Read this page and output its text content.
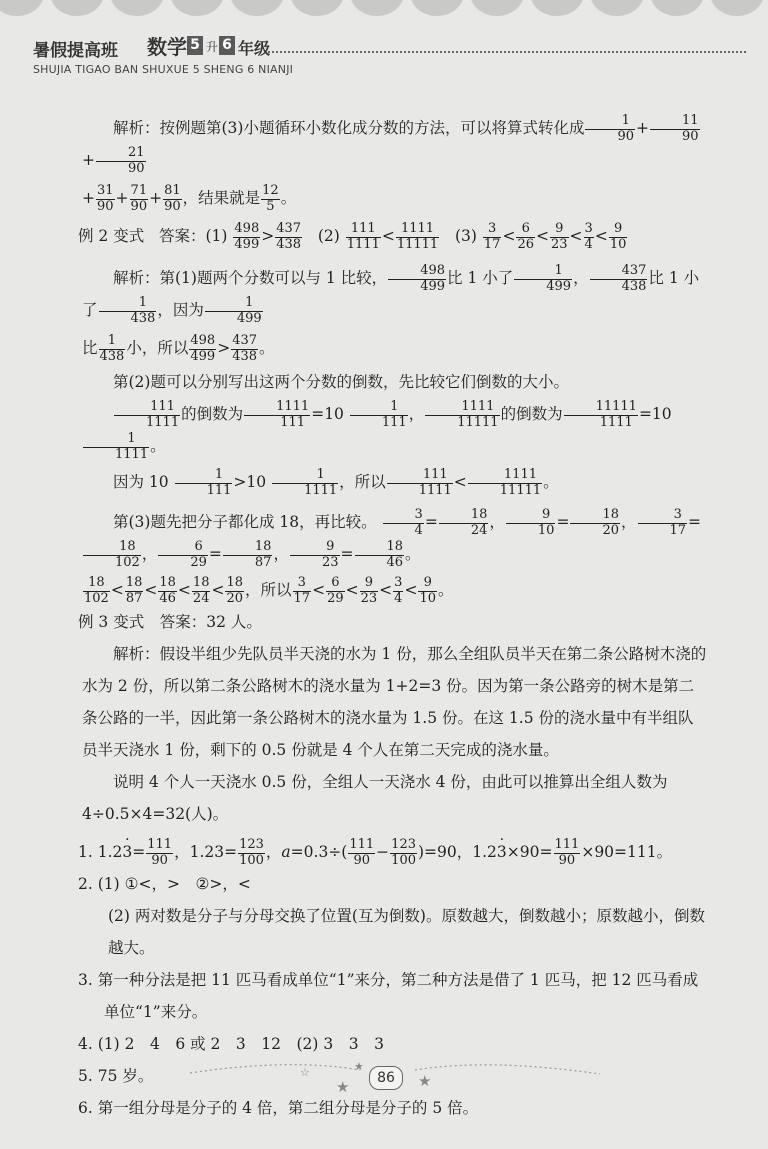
暑假提高班 数学 5 升 6 年级
SHUJIA TIGAO BAN SHUXUE 5 SHENG 6 NIANJI

解析：按例题第(3)小题循环小数化成分数的方法，可以将算式转化成 $\frac{1}{90} + \frac{11}{90}$
+ $\frac{21}{90}$

+ $\frac{31}{90} + \frac{71}{90} + \frac{81}{90}$ ，结果就是 $\frac{12}{5}$ 。

例 2 变式 答案：$(1) \frac{498}{499} > \frac{437}{438} (2) \frac{111}{1111} < \frac{1111}{11111} (3) \frac{3}{17} < \frac{6}{26} < \frac{9}{23} < \frac{3}{4} < \frac{9}{10}$

解析：第(1)题两个分数可以与 1 比较， $\frac{498}{499}$ 比 1 小了 $\frac{1}{499}$ ， $\frac{437}{438}$ 比 1 小了 $\frac{1}{438}$ ，因为 $\frac{1}{499}$

比 $\frac{1}{438}$ 小，所以 $\frac{498}{499} > \frac{437}{438}$ 。

第(2)题可以分别写出这两个分数的倒数，先比较它们倒数的大小。

$\frac{111}{1111}$ 的倒数为 $\frac{1111}{111} =10 \frac{1}{111}$ ， $\frac{1111}{11111}$ 的倒数为 $\frac{11111}{1111} =10$
$\frac{1}{1111}$ 。

因为 $10 \frac{1}{111} >10 \frac{1}{1111}$ ，所以 $\frac{111}{1111} < \frac{1111}{11111}$ 。

第(3)题先把分子都化成 18，再比较。 $\frac{3}{4} = \frac{18}{24}$ ， $\frac{9}{10} = \frac{18}{20}$ ， $\frac{3}{17}$ =
$\frac{18}{102}$ ， $\frac{6}{29} = \frac{18}{87}$ ， $\frac{9}{23} = \frac{18}{46}$ 。

$\frac{18}{102} < \frac{18}{87} < \frac{18}{46} < \frac{18}{24} < \frac{18}{20}$ ，所以 $\frac{3}{17} < \frac{6}{29} < \frac{9}{23} < \frac{3}{4} < \frac{9}{10}$ 。

例 3 变式　答案：32 人。

解析：假设半组少先队员半天浇的水为 1 份，那么全组队员半天在第二条公路树木浇的水为 2 份，所以第二条公路树木的浇水量为 1+2=3 份。因为第一条公路旁的树木是第二条公路的一半，因此第一条公路树木的浇水量为 1.5 份。在这 1.5 份的浇水量中有半组队员半天浇水 1 份，剩下的 0.5 份就是 4 个人在第二天完成的浇水量。

说明 4 个人一天浇水 0.5 份，全组人一天浇水 4 份，由此可以推算出全组人数为 4÷0.5×4=32(人)。

1. $1.23 \cdot= \frac{111}{90}$ ，$1.23= \frac{123}{100}$ ，$a=0.3\div( \frac{111}{90} - \frac{123}{100} )=90$，$1.23 \cdot\times 90= \frac{111}{90} \times 90=111$。

2. (1) ①<，>　②>，<

(2) 两对数是分子与分母交换了位置(互为倒数)。原数越大，倒数越小；原数越小，倒数越大。

3. 第一种分法是把 11 匹马看成单位“1”来分，第二种方法是借了 1 匹马，把 12 匹马看成单位“1”来分。

4. (1) 2　4　6 或 2　3　12　(2) 3　3　3

5. 75 岁。

6. 第一组分母是分子的 4 倍，第二组分母是分子的 5 倍。

★
★
★
☆	86
